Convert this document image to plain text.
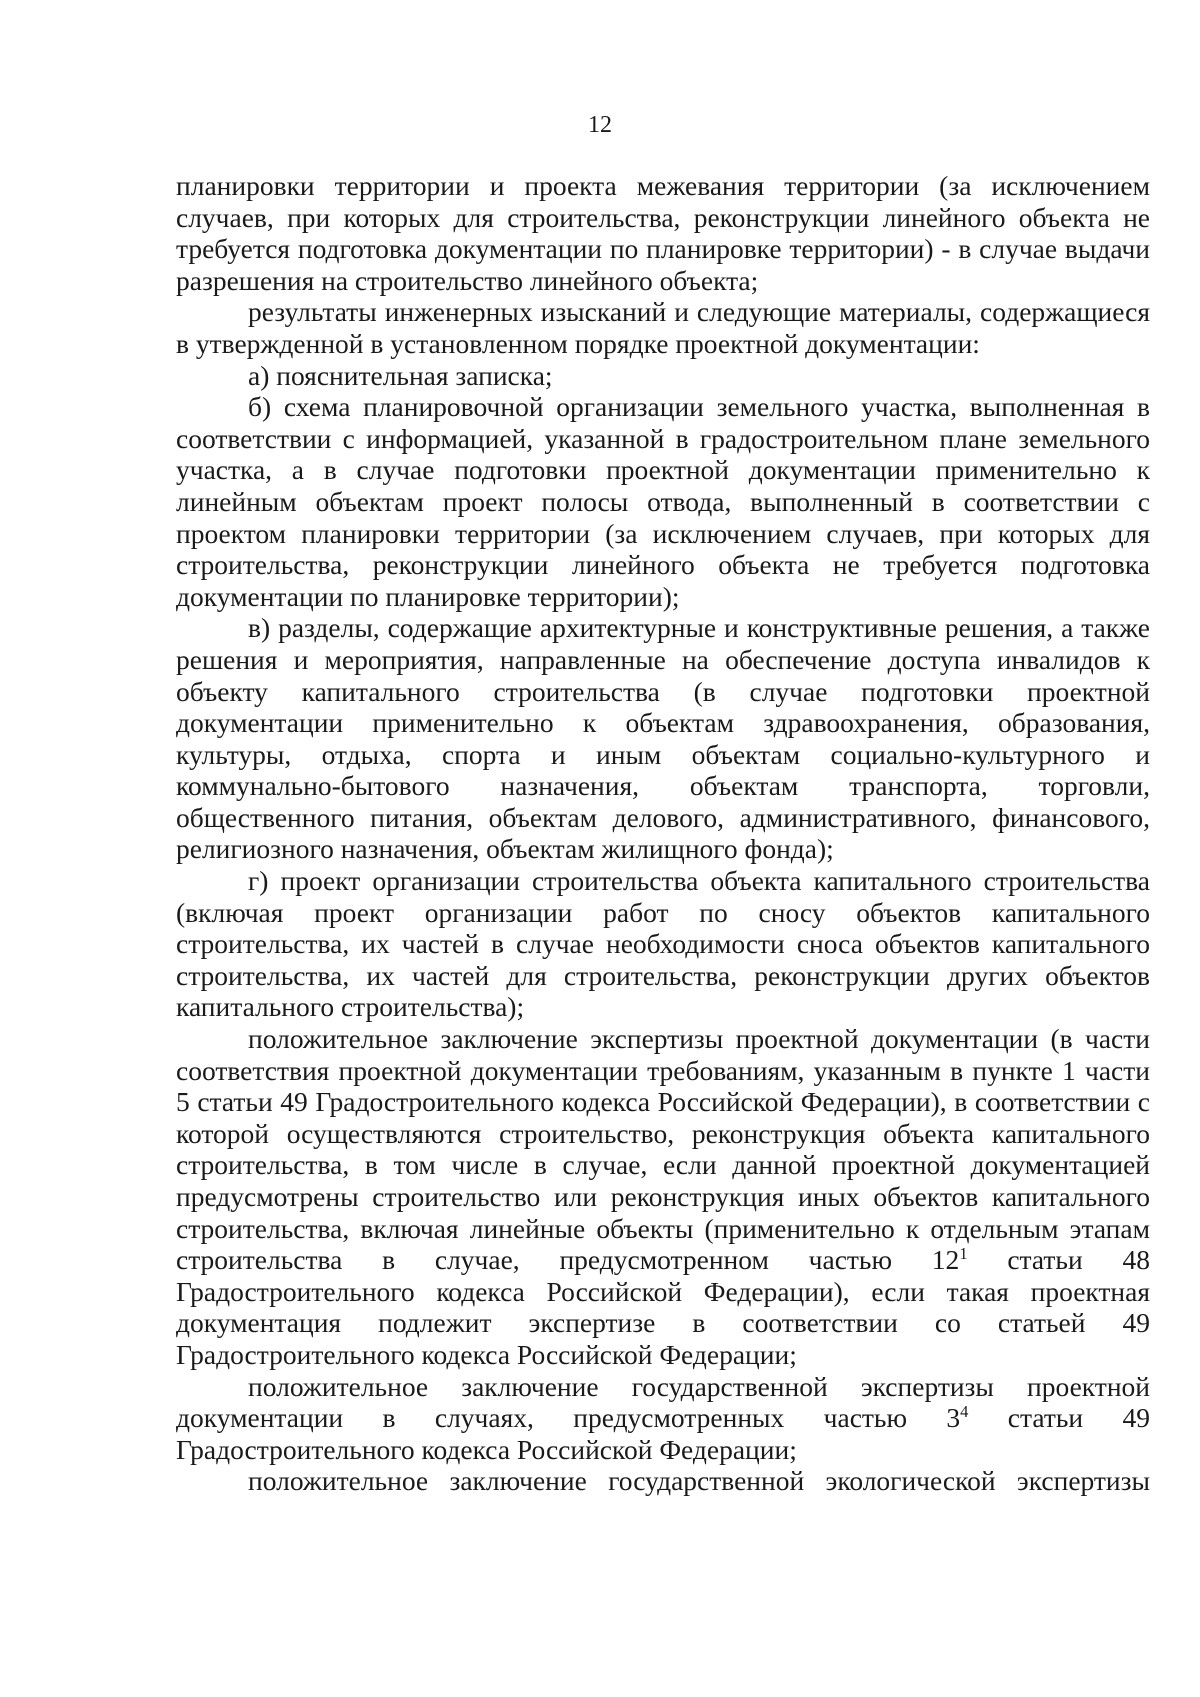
12

планировки территории и проекта межевания территории (за исключением случаев, при которых для строительства, реконструкции линейного объекта не требуется подготовка документации по планировке территории) - в случае выдачи разрешения на строительство линейного объекта;

результаты инженерных изысканий и следующие материалы, содержащиеся в утвержденной в установленном порядке проектной документации:

а) пояснительная записка;

б) схема планировочной организации земельного участка, выполненная в соответствии с информацией, указанной в градостроительном плане земельного участка, а в случае подготовки проектной документации применительно к линейным объектам проект полосы отвода, выполненный в соответствии с проектом планировки территории (за исключением случаев, при которых для строительства, реконструкции линейного объекта не требуется подготовка документации по планировке территории);

в) разделы, содержащие архитектурные и конструктивные решения, а также решения и мероприятия, направленные на обеспечение доступа инвалидов к объекту капитального строительства (в случае подготовки проектной документации применительно к объектам здравоохранения, образования, культуры, отдыха, спорта и иным объектам социально-культурного и коммунально-бытового назначения, объектам транспорта, торговли, общественного питания, объектам делового, административного, финансового, религиозного назначения, объектам жилищного фонда);

г) проект организации строительства объекта капитального строительства (включая проект организации работ по сносу объектов капитального строительства, их частей в случае необходимости сноса объектов капитального строительства, их частей для строительства, реконструкции других объектов капитального строительства);

положительное заключение экспертизы проектной документации (в части соответствия проектной документации требованиям, указанным в пункте 1 части 5 статьи 49 Градостроительного кодекса Российской Федерации), в соответствии с которой осуществляются строительство, реконструкция объекта капитального строительства, в том числе в случае, если данной проектной документацией предусмотрены строительство или реконструкция иных объектов капитального строительства, включая линейные объекты (применительно к отдельным этапам строительства в случае, предусмотренном частью $12^1$ статьи 48 Градостроительного кодекса Российской Федерации), если такая проектная документация подлежит экспертизе в соответствии со статьей 49 Градостроительного кодекса Российской Федерации;

положительное заключение государственной экспертизы проектной документации в случаях, предусмотренных частью $3^4$ статьи 49 Градостроительного кодекса Российской Федерации;

положительное заключение государственной экологической экспертизы
